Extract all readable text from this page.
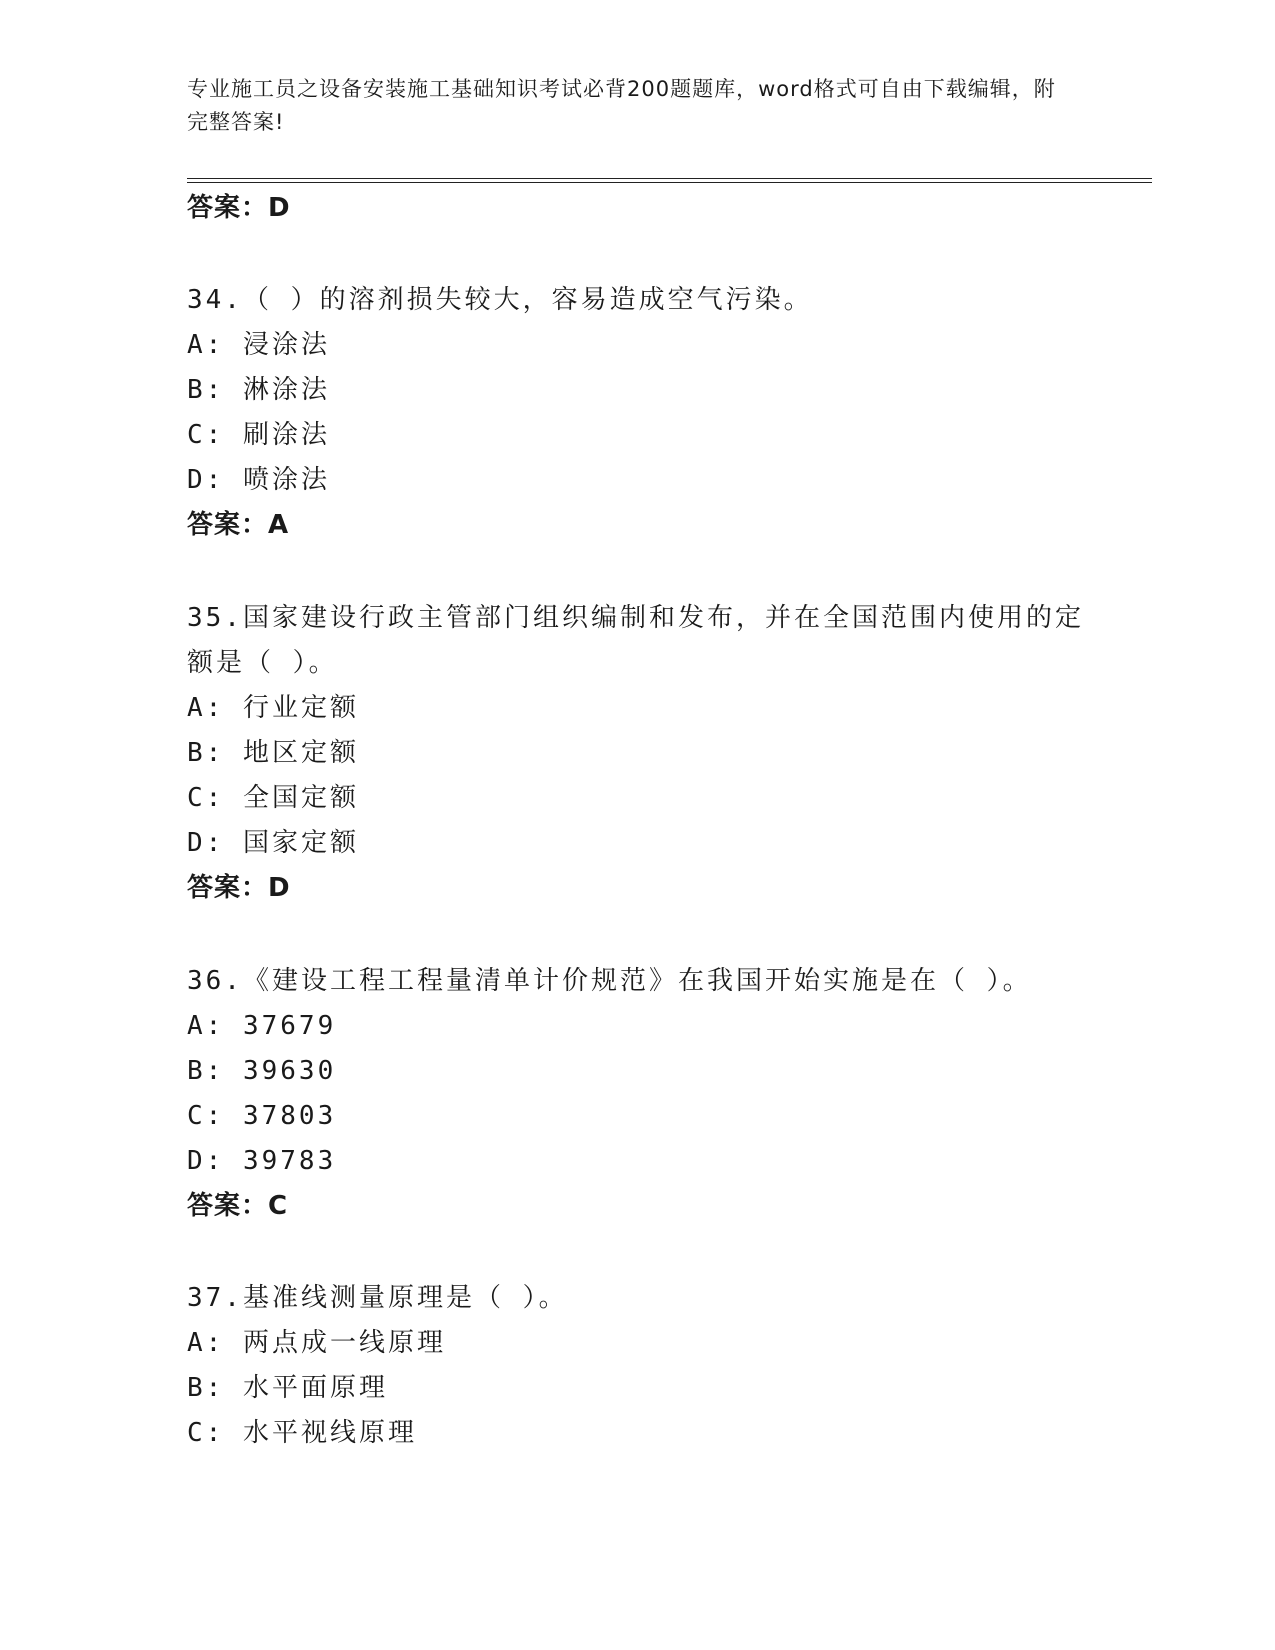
专业施工员之设备安装施工基础知识考试必背200题题库，word格式可自由下载编辑，附完整答案!
答案：D
34.（ ）的溶剂损失较大，容易造成空气污染。
A: 浸涂法
B: 淋涂法
C: 刷涂法
D: 喷涂法
答案：A
35.国家建设行政主管部门组织编制和发布，并在全国范围内使用的定
额是（ ）。
A: 行业定额
B: 地区定额
C: 全国定额
D: 国家定额
答案：D
36.《建设工程工程量清单计价规范》在我国开始实施是在（ ）。
A: 37679
B: 39630
C: 37803
D: 39783
答案：C
37.基准线测量原理是（ ）。
A: 两点成一线原理
B: 水平面原理
C: 水平视线原理
